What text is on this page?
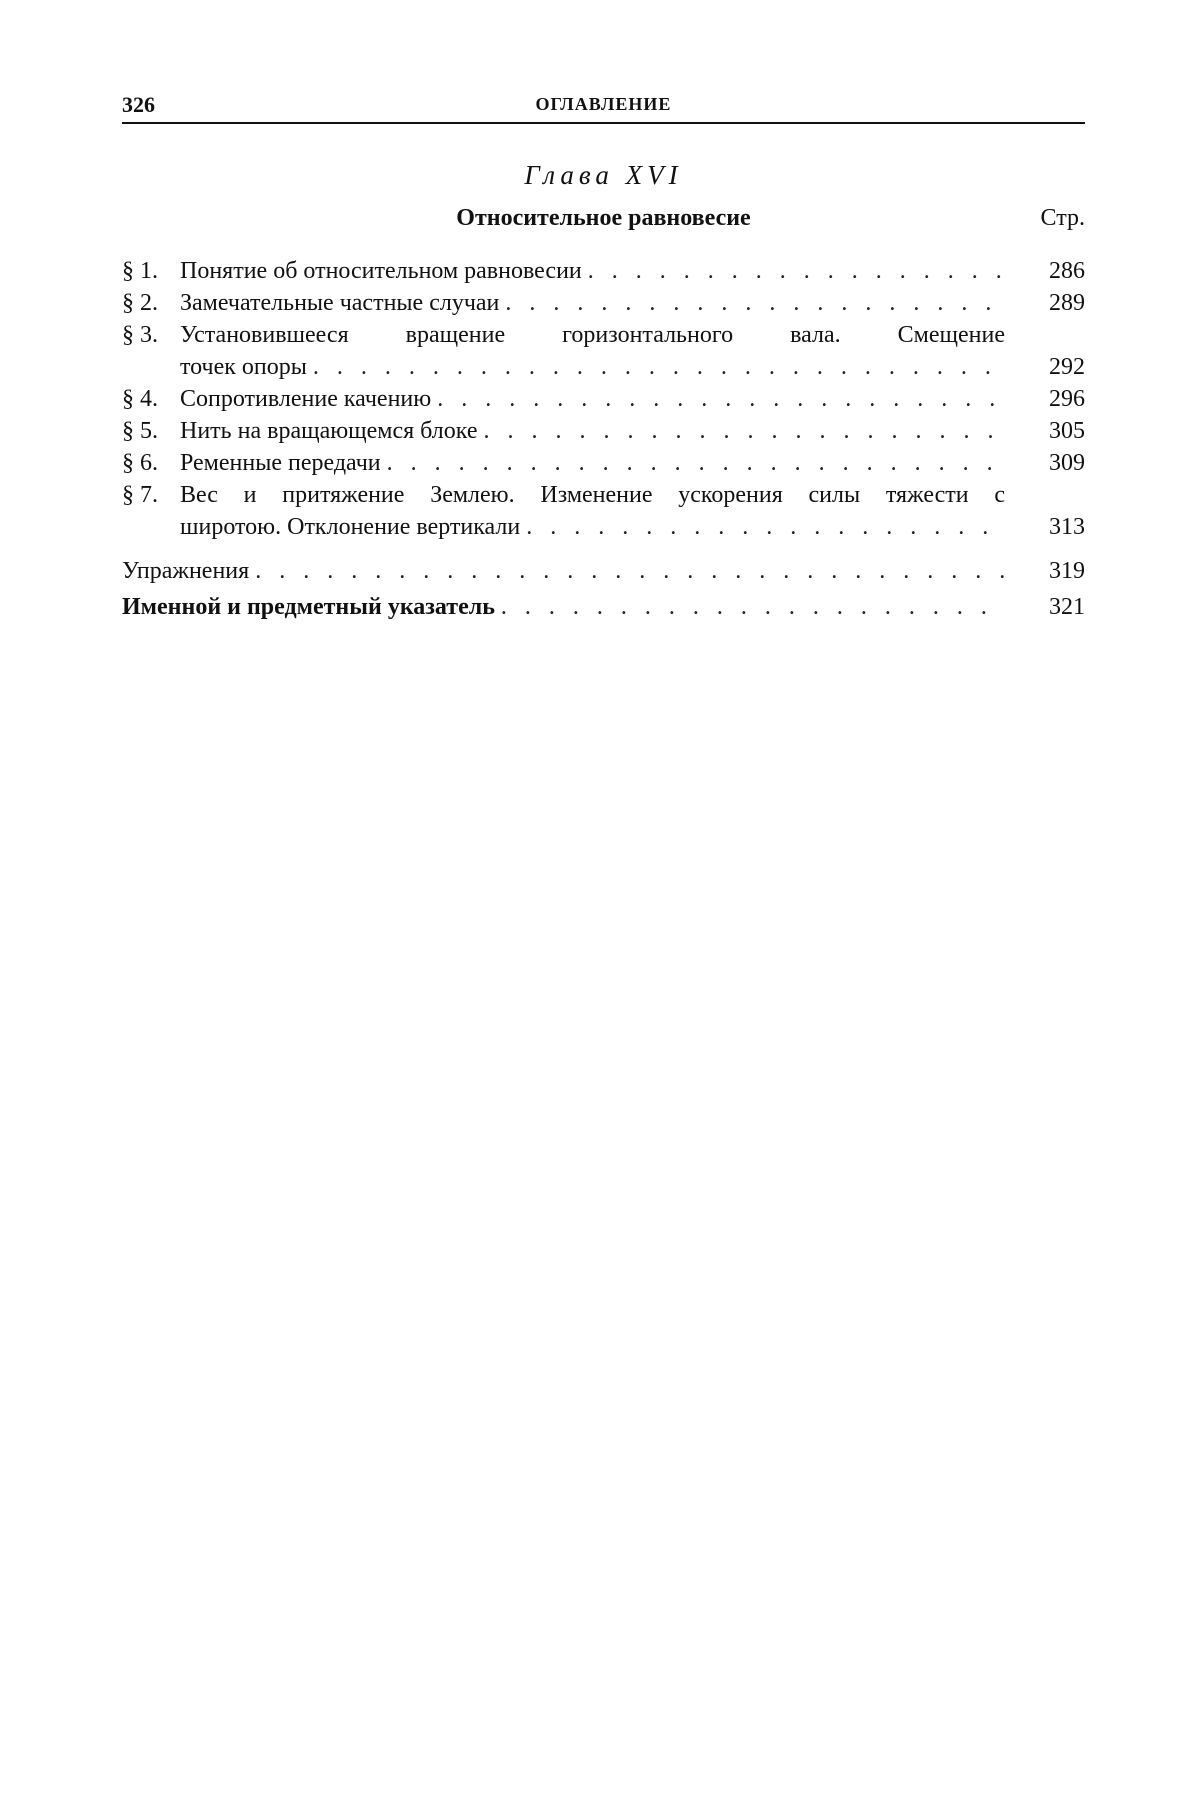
326	ОГЛАВЛЕНИЕ
Глава XVI
Относительное равновесие	Стр.
§ 1. Понятие об относительном равновесии . . .	286
§ 2. Замечательные частные случаи . . .	289
§ 3. Установившееся вращение горизонтального вала. Смещение
точек опоры . . .	292
§ 4. Сопротивление качению . . .	296
§ 5. Нить на вращающемся блоке . . .	305
§ 6. Ременные передачи . . .	309
§ 7. Вес и притяжение Землею. Изменение ускорения силы тяжести с
широтою. Отклонение вертикали . . .	313
Упражнения . . .	319
Именной и предметный указатель . . .	321
